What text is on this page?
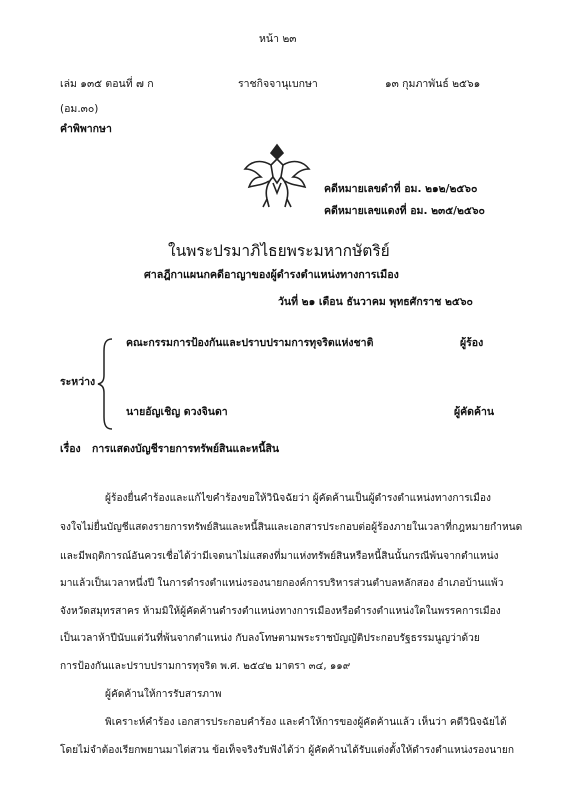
หน้า ๒๓
เล่ม ๑๓๕ ตอนที่ ๗ ก	ราชกิจจานุเบกษา	๑๓ กุมภาพันธ์ ๒๕๖๑
(อม.๓๐)
คำพิพากษา
คดีหมายเลขดำที่ อม. ๒๑๒/๒๕๖๐
คดีหมายเลขแดงที่ อม. ๒๓๕/๒๕๖๐
ในพระปรมาภิไธยพระมหากษัตริย์
ศาลฎีกาแผนกคดีอาญาของผู้ดำรงตำแหน่งทางการเมือง
วันที่ ๒๑ เดือน ธันวาคม พุทธศักราช ๒๕๖๐
ระหว่าง
คณะกรรมการป้องกันและปราบปรามการทุจริตแห่งชาติ	ผู้ร้อง
นายอัญเชิญ ดวงจินดา	ผู้คัดค้าน
เรื่อง การแสดงบัญชีรายการทรัพย์สินและหนี้สิน
ผู้ร้องยื่นคำร้องและแก้ไขคำร้องขอให้วินิจฉัยว่า ผู้คัดค้านเป็นผู้ดำรงตำแหน่งทางการเมือง
จงใจไม่ยื่นบัญชีแสดงรายการทรัพย์สินและหนี้สินและเอกสารประกอบต่อผู้ร้องภายในเวลาที่กฎหมายกำหนด
และมีพฤติการณ์อันควรเชื่อได้ว่ามีเจตนาไม่แสดงที่มาแห่งทรัพย์สินหรือหนี้สินนั้นกรณีพ้นจากตำแหน่ง
มาแล้วเป็นเวลาหนึ่งปี ในการดำรงตำแหน่งรองนายกองค์การบริหารส่วนตำบลหลักสอง อำเภอบ้านแพ้ว
จังหวัดสมุทรสาคร ห้ามมิให้ผู้คัดค้านดำรงตำแหน่งทางการเมืองหรือดำรงตำแหน่งใดในพรรคการเมือง
เป็นเวลาห้าปีนับแต่วันที่พ้นจากตำแหน่ง กับลงโทษตามพระราชบัญญัติประกอบรัฐธรรมนูญว่าด้วย
การป้องกันและปราบปรามการทุจริต พ.ศ. ๒๕๔๒ มาตรา ๓๔, ๑๑๙
ผู้คัดค้านให้การรับสารภาพ
พิเคราะห์คำร้อง เอกสารประกอบคำร้อง และคำให้การของผู้คัดค้านแล้ว เห็นว่า คดีวินิจฉัยได้
โดยไม่จำต้องเรียกพยานมาไต่สวน ข้อเท็จจริงรับฟังได้ว่า ผู้คัดค้านได้รับแต่งตั้งให้ดำรงตำแหน่งรองนายก
